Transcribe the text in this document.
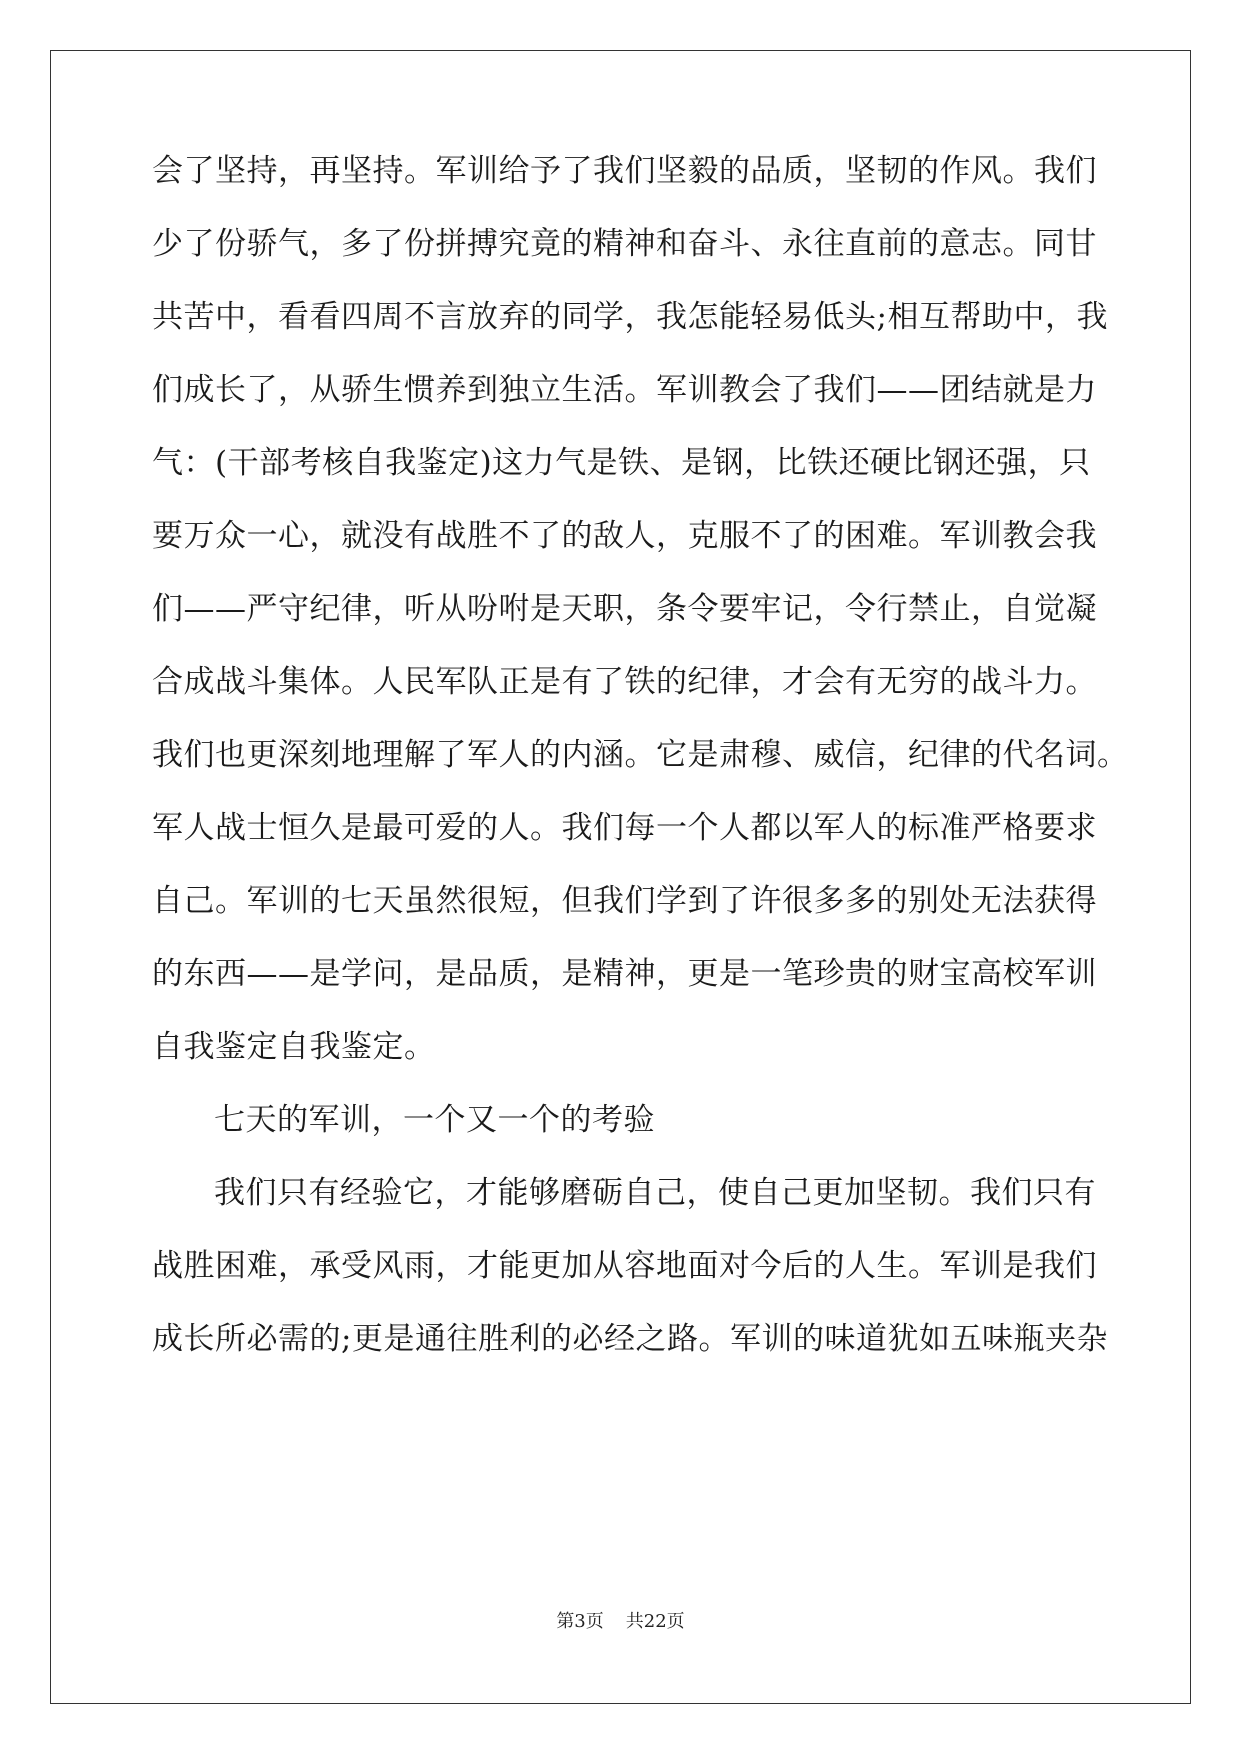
会了坚持，再坚持。军训给予了我们坚毅的品质，坚韧的作风。我们
少了份骄气，多了份拼搏究竟的精神和奋斗、永往直前的意志。同甘
共苦中，看看四周不言放弃的同学，我怎能轻易低头;相互帮助中，我
们成长了，从骄生惯养到独立生活。军训教会了我们——团结就是力
气：(干部考核自我鉴定)这力气是铁、是钢，比铁还硬比钢还强，只
要万众一心，就没有战胜不了的敌人，克服不了的困难。军训教会我
们——严守纪律，听从吩咐是天职，条令要牢记，令行禁止，自觉凝
合成战斗集体。人民军队正是有了铁的纪律，才会有无穷的战斗力。
我们也更深刻地理解了军人的内涵。它是肃穆、威信，纪律的代名词。
军人战士恒久是最可爱的人。我们每一个人都以军人的标准严格要求
自己。军训的七天虽然很短，但我们学到了许很多多的别处无法获得
的东西——是学问，是品质，是精神，更是一笔珍贵的财宝高校军训
自我鉴定自我鉴定。
七天的军训，一个又一个的考验
我们只有经验它，才能够磨砺自己，使自己更加坚韧。我们只有
战胜困难，承受风雨，才能更加从容地面对今后的人生。军训是我们
成长所必需的;更是通往胜利的必经之路。军训的味道犹如五味瓶夹杂
第3页 共22页
